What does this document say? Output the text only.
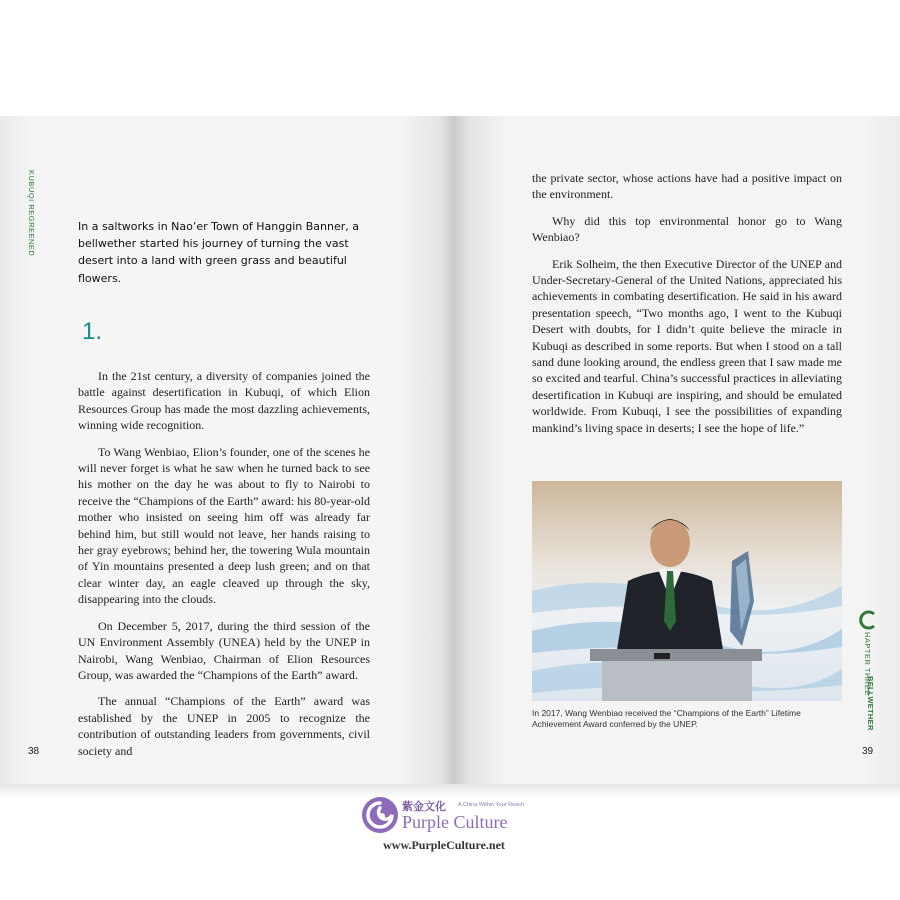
KUBUQI REGREENED	In a saltworks in Nao’er Town of Hanggin Banner, a bellwether started his journey of turning the vast desert into a land with green grass and beautiful flowers.
1.

In the 21st century, a diversity of companies joined the battle against desertification in Kubuqi, of which Elion Resources Group has made the most dazzling achievements, winning wide recognition.

To Wang Wenbiao, Elion’s founder, one of the scenes he will never forget is what he saw when he turned back to see his mother on the day he was about to fly to Nairobi to receive the “Champions of the Earth” award: his 80-year-old mother who insisted on seeing him off was already far behind him, but still would not leave, her hands raising to her gray eyebrows; behind her, the towering Wula mountain of Yin mountains presented a deep lush green; and on that clear winter day, an eagle cleaved up through the sky, disappearing into the clouds.

On December 5, 2017, during the third session of the UN Environment Assembly (UNEA) held by the UNEP in Nairobi, Wang Wenbiao, Chairman of Elion Resources Group, was awarded the “Champions of the Earth” award.

The annual “Champions of the Earth” award was established by the UNEP in 2005 to recognize the contribution of outstanding leaders from governments, civil society and

38

the private sector, whose actions have had a positive impact on the environment.

Why did this top environmental honor go to Wang Wenbiao?

Erik Solheim, the then Executive Director of the UNEP and Under-Secretary-General of the United Nations, appreciated his achievements in combating desertification. He said in his award presentation speech, “Two months ago, I went to the Kubuqi Desert with doubts, for I didn’t quite believe the miracle in Kubuqi as described in some reports. But when I stood on a tall sand dune looking around, the endless green that I saw made me so excited and tearful. China’s successful practices in alleviating desertification in Kubuqi are inspiring, and should be emulated worldwide. From Kubuqi, I see the possibilities of expanding mankind’s living space in deserts; I see the hope of life.”

In 2017, Wang Wenbiao received the “Champions of the Earth” Lifetime Achievement Award conferred by the UNEP.
HAPTER THREE
BELLWETHER
39
紫金文化 A China Within Your Reach
Purple Culture
www.PurpleCulture.net
